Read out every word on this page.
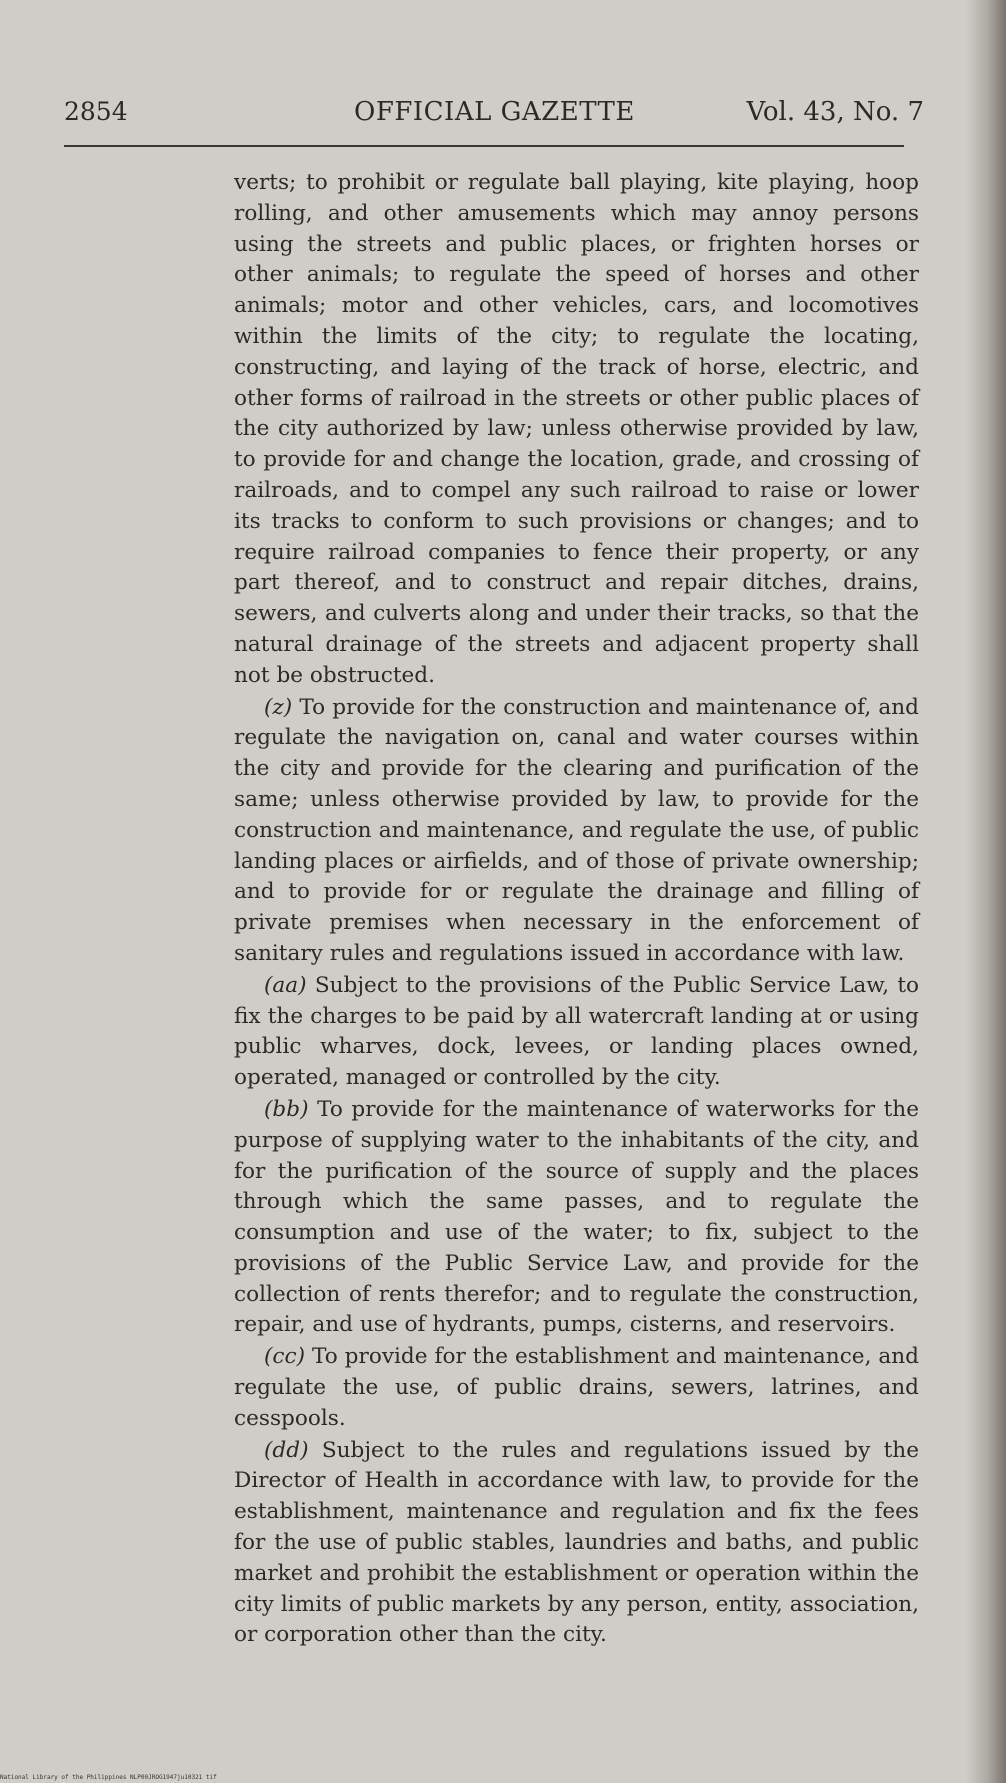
2854	OFFICIAL GAZETTE	Vol. 43, No. 7

verts; to prohibit or regulate ball playing, kite playing, hoop rolling, and other amusements which may annoy persons using the streets and public places, or frighten horses or other animals; to regulate the speed of horses and other animals; motor and other vehicles, cars, and locomotives within the limits of the city; to regulate the locating, constructing, and laying of the track of horse, electric, and other forms of railroad in the streets or other public places of the city authorized by law; unless otherwise provided by law, to provide for and change the location, grade, and crossing of railroads, and to compel any such railroad to raise or lower its tracks to conform to such provisions or changes; and to require railroad companies to fence their property, or any part thereof, and to construct and repair ditches, drains, sewers, and culverts along and under their tracks, so that the natural drainage of the streets and adjacent property shall not be obstructed.

(z) To provide for the construction and maintenance of, and regulate the navigation on, canal and water courses within the city and provide for the clearing and purification of the same; unless otherwise provided by law, to provide for the construction and maintenance, and regulate the use, of public landing places or airfields, and of those of private ownership; and to provide for or regulate the drainage and filling of private premises when necessary in the enforcement of sanitary rules and regulations issued in accordance with law.

(aa) Subject to the provisions of the Public Service Law, to fix the charges to be paid by all watercraft landing at or using public wharves, dock, levees, or landing places owned, operated, managed or controlled by the city.

(bb) To provide for the maintenance of waterworks for the purpose of supplying water to the inhabitants of the city, and for the purification of the source of supply and the places through which the same passes, and to regulate the consumption and use of the water; to fix, subject to the provisions of the Public Service Law, and provide for the collection of rents therefor; and to regulate the construction, repair, and use of hydrants, pumps, cisterns, and reservoirs.

(cc) To provide for the establishment and maintenance, and regulate the use, of public drains, sewers, latrines, and cesspools.

(dd) Subject to the rules and regulations issued by the Director of Health in accordance with law, to provide for the establishment, maintenance and regulation and fix the fees for the use of public stables, laundries and baths, and public market and prohibit the establishment or operation within the city limits of public markets by any person, entity, association, or corporation other than the city.

National Library of the Philippines NLP00JROG1947ju10321 tif
